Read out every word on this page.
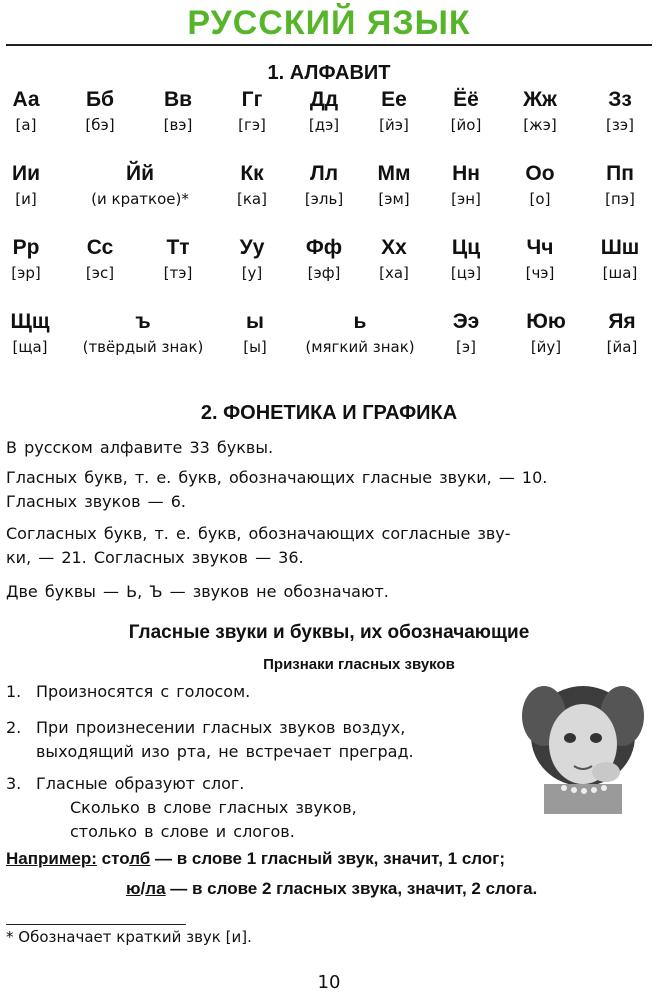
РУССКИЙ ЯЗЫК
1. АЛФАВИТ
Аа
[а]
Бб
[бэ]
Вв
[вэ]
Гг
[гэ]
Дд
[дэ]
Ее
[йэ]
Ёё
[йо]
Жж
[жэ]
Зз
[зэ]
Ии
[и]
Йй
(и краткое)*
Кк
[ка]
Лл
[эль]
Мм
[эм]
Нн
[эн]
Оо
[о]
Пп
[пэ]
Рр
[эр]
Сс
[эс]
Тт
[тэ]
Уу
[у]
Фф
[эф]
Хх
[ха]
Цц
[цэ]
Чч
[чэ]
Шш
[ша]
Щщ
[ща]
ъ
(твёрдый знак)
ы
[ы]
ь
(мягкий знак)
Ээ
[э]
Юю
[йу]
Яя
[йа]
2. ФОНЕТИКА И ГРАФИКА
В русском алфавите 33 буквы.
Гласных букв, т. е. букв, обозначающих гласные звуки, — 10.
Гласных звуков — 6.
Согласных букв, т. е. букв, обозначающих согласные зву-
ки, — 21. Согласных звуков — 36.
Две буквы — Ь, Ъ — звуков не обозначают.
Гласные звуки и буквы, их обозначающие
Признаки гласных звуков
1. Произносятся с голосом.
2. При произнесении гласных звуков воздух,
выходящий изо рта, не встречает преград.
3. Гласные образуют слог.
Сколько в слове гласных звуков,
столько в слове и слогов.
Например: столб — в слове 1 гласный звук, значит, 1 слог;
ю/ла — в слове 2 гласных звука, значит, 2 слога.
* Обозначает краткий звук [и].
10
